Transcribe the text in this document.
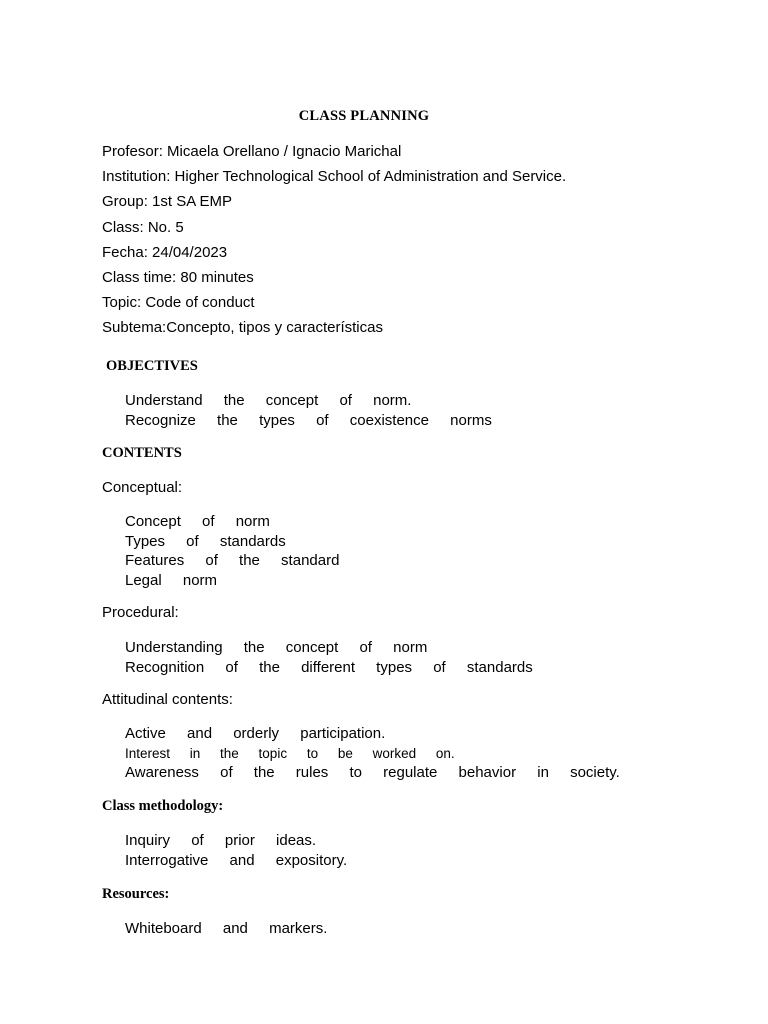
CLASS PLANNING
Profesor: Micaela Orellano / Ignacio Marichal
Institution: Higher Technological School of Administration and Service.
Group: 1st SA EMP
Class: No. 5
Fecha: 24/04/2023
Class time: 80 minutes
Topic: Code of conduct
Subtema:Concepto, tipos y características
OBJECTIVES
Understand the concept of norm.
Recognize the types of coexistence norms
CONTENTS
Conceptual:
Concept of norm
Types of standards
Features of the standard
Legal norm
Procedural:
Understanding the concept of norm
Recognition of the different types of standards
Attitudinal contents:
Active and orderly participation.
Interest in the topic to be worked on.
Awareness of the rules to regulate behavior in society.
Class methodology:
Inquiry of prior ideas.
Interrogative and expository.
Resources:
Whiteboard and markers.
